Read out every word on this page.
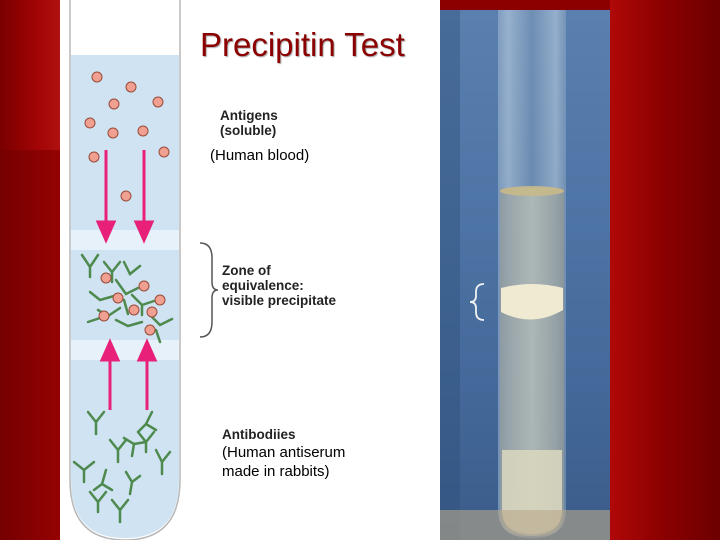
Precipitin Test
Antigens
(soluble)
(Human blood)
Zone of
equivalence:
visible precipitate
Antibodiies
(Human antiserum
made in rabbits)
